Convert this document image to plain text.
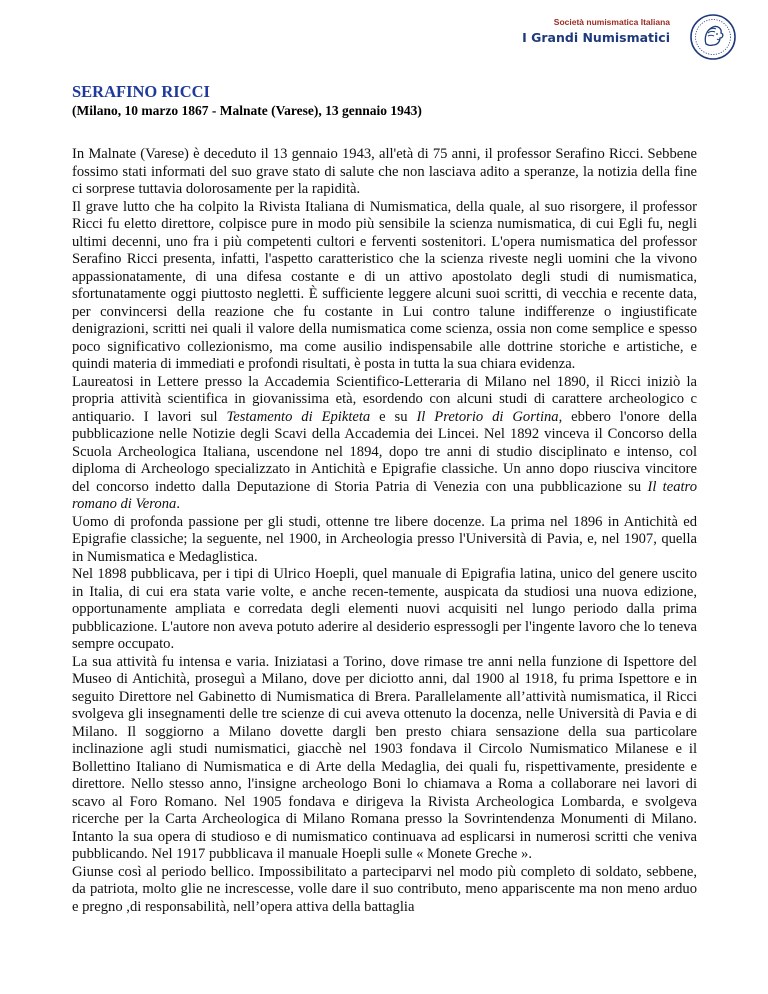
Società numismatica Italiana
I Grandi Numismatici
SERAFINO RICCI
(Milano, 10 marzo 1867 - Malnate (Varese), 13 gennaio 1943)

In Malnate (Varese) è deceduto il 13 gennaio 1943, all'età di 75 anni, il professor Serafino Ricci. Sebbene fossimo stati informati del suo grave stato di salute che non lasciava adito a speranze, la notizia della fine ci sorprese tuttavia dolorosamente per la rapidità.

Il grave lutto che ha colpito la Rivista Italiana di Numismatica, della quale, al suo risorgere, il professor Ricci fu eletto direttore, colpisce pure in modo più sensibile la scienza numismatica, di cui Egli fu, negli ultimi decenni, uno fra i più competenti cultori e ferventi sostenitori. L'opera numismatica del professor Serafino Ricci presenta, infatti, l'aspetto caratteristico che la scienza riveste negli uomini che la vivono appassionatamente, di una difesa costante e di un attivo apostolato degli studi di numismatica, sfortunatamente oggi piuttosto negletti. È sufficiente leggere alcuni suoi scritti, di vecchia e recente data, per convincersi della reazione che fu costante in Lui contro talune indifferenze o ingiustificate denigrazioni, scritti nei quali il valore della numismatica come scienza, ossia non come semplice e spesso poco significativo collezionismo, ma come ausilio indispensabile alle dottrine storiche e artistiche, e quindi materia di immediati e profondi risultati, è posta in tutta la sua chiara evidenza.

Laureatosi in Lettere presso la Accademia Scientifico-Letteraria di Milano nel 1890, il Ricci iniziò la propria attività scientifica in giovanissima età, esordendo con alcuni studi di carattere archeologico c antiquario. I lavori sul Testamento di Epikteta e su Il Pretorio di Gortina, ebbero l'onore della pubblicazione nelle Notizie degli Scavi della Accademia dei Lincei. Nel 1892 vinceva il Concorso della Scuola Archeologica Italiana, uscendone nel 1894, dopo tre anni di studio disciplinato e intenso, col diploma di Archeologo specializzato in Antichità e Epigrafie classiche. Un anno dopo riusciva vincitore del concorso indetto dalla Deputazione di Storia Patria di Venezia con una pubblicazione su Il teatro romano di Verona.

Uomo di profonda passione per gli studi, ottenne tre libere docenze. La prima nel 1896 in Antichità ed Epigrafie classiche; la seguente, nel 1900, in Archeologia presso l'Università di Pavia, e, nel 1907, quella in Numismatica e Medaglistica.

Nel 1898 pubblicava, per i tipi di Ulrico Hoepli, quel manuale di Epigrafia latina, unico del genere uscito in Italia, di cui era stata varie volte, e anche recen-temente, auspicata da studiosi una nuova edizione, opportunamente ampliata e corredata degli elementi nuovi acquisiti nel lungo periodo dalla prima pubblicazione. L'autore non aveva potuto aderire al desiderio espressogli per l'ingente lavoro che lo teneva sempre occupato.

La sua attività fu intensa e varia. Iniziatasi a Torino, dove rimase tre anni nella funzione di Ispettore del Museo di Antichità, proseguì a Milano, dove per diciotto anni, dal 1900 al 1918, fu prima Ispettore e in seguito Direttore nel Gabinetto di Numismatica di Brera. Parallelamente all’attività numismatica, il Ricci svolgeva gli insegnamenti delle tre scienze di cui aveva ottenuto la docenza, nelle Università di Pavia e di Milano. Il soggiorno a Milano dovette dargli ben presto chiara sensazione della sua particolare inclinazione agli studi numismatici, giacchè nel 1903 fondava il Circolo Numismatico Milanese e il Bollettino Italiano di Numismatica e di Arte della Medaglia, dei quali fu, rispettivamente, presidente e direttore. Nello stesso anno, l'insigne archeologo Boni lo chiamava a Roma a collaborare nei lavori di scavo al Foro Romano. Nel 1905 fondava e dirigeva la Rivista Archeologica Lombarda, e svolgeva ricerche per la Carta Archeologica di Milano Romana presso la Sovrintendenza Monumenti di Milano. Intanto la sua opera di studioso e di numismatico continuava ad esplicarsi in numerosi scritti che veniva pubblicando. Nel 1917 pubblicava il manuale Hoepli sulle « Monete Greche ».

Giunse così al periodo bellico. Impossibilitato a parteciparvi nel modo più completo di soldato, sebbene, da patriota, molto glie ne increscesse, volle dare il suo contributo, meno appariscente ma non meno arduo e pregno ,di responsabilità, nell’opera attiva della battaglia
